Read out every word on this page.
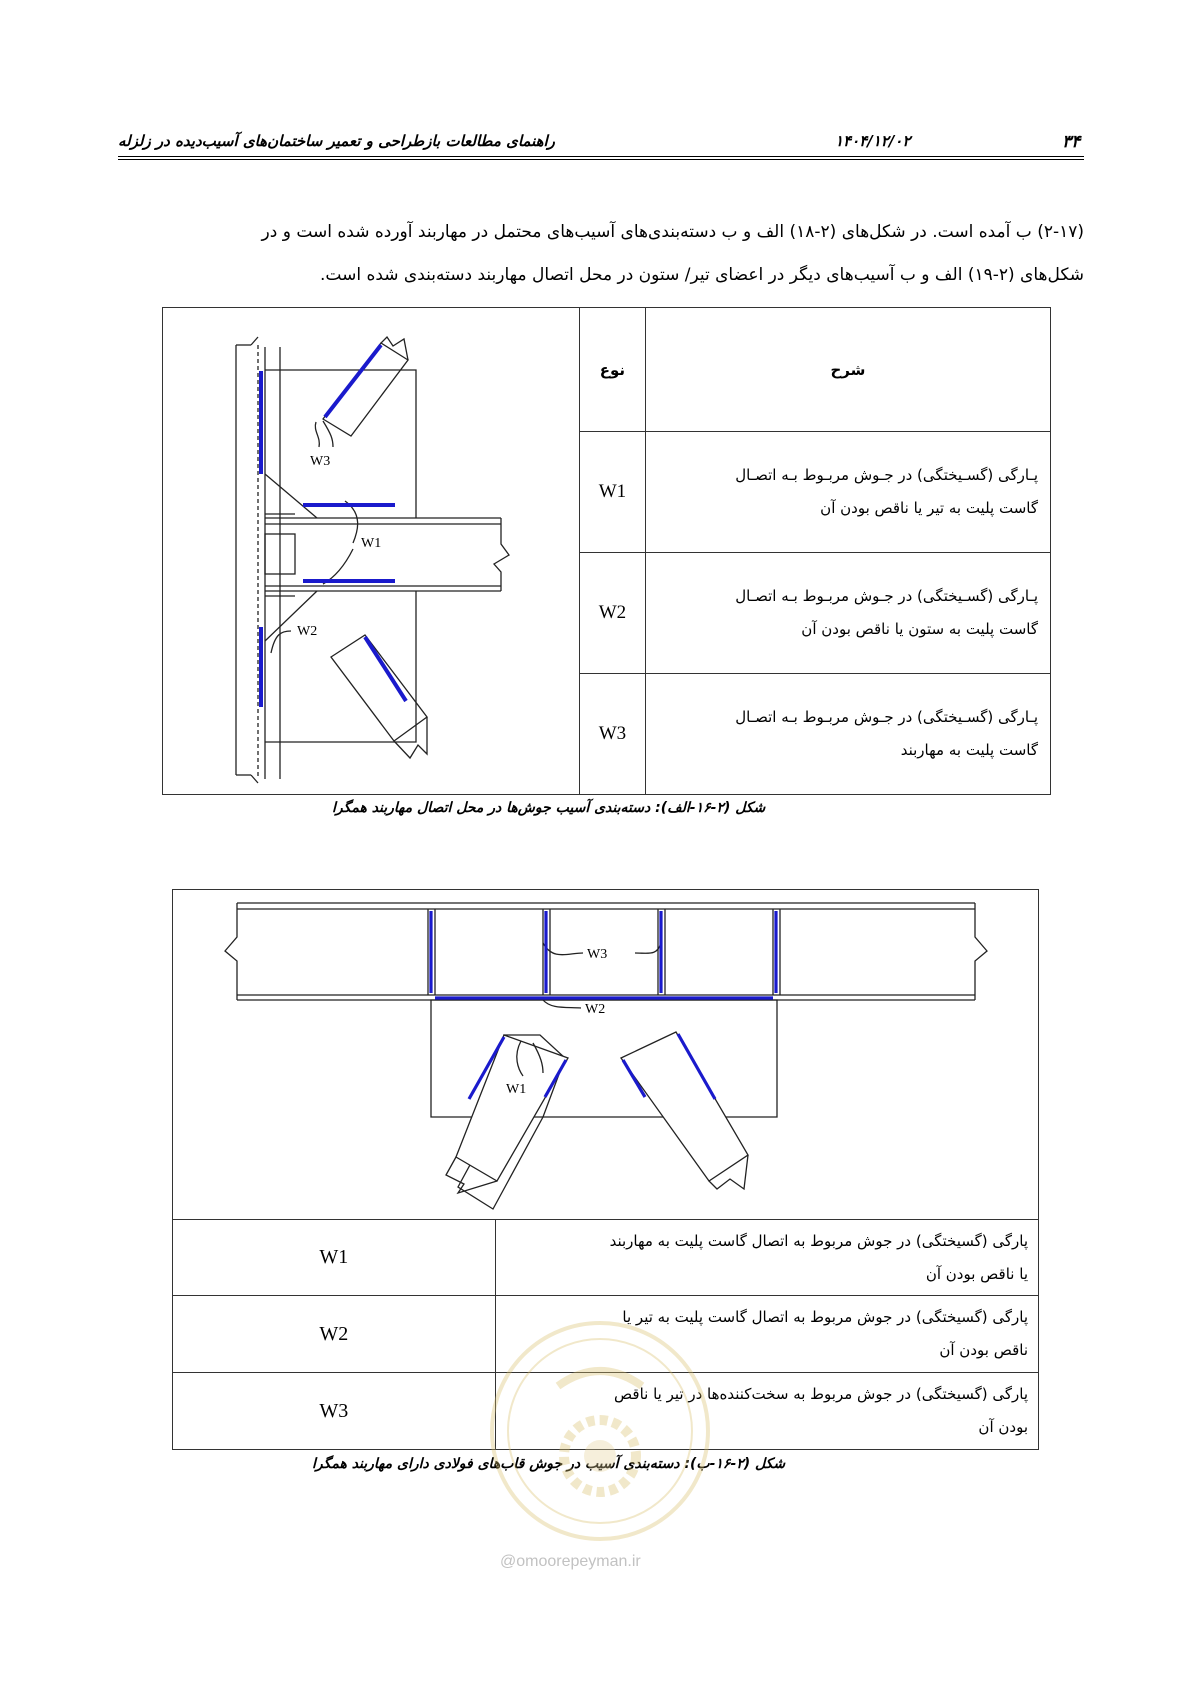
راهنمای مطالعات بازطراحی و تعمیر ساختمان‌های آسیب‌دیده در زلزله	۱۴۰۴/۱۲/۰۲	۳۴

(۲-۱۷) ب آمده است. در شکل‌های (۲-۱۸) الف و ب دسته‌بندی‌های آسیب‌های محتمل در مهاربند آورده شده است و در

شکل‌های (۲-۱۹) الف و ب آسیب‌های دیگر در اعضای تیر/ ستون در محل اتصال مهاربند دسته‌بندی شده است.

W3
W1
W2	نوع	شرح
	W1	پـارگی (گسـیختگی) در جـوش مربـوط بـه اتصـال
گاست پلیت به تیر یا ناقص بودن آن
	W2	پـارگی (گسـیختگی) در جـوش مربـوط بـه اتصـال
گاست پلیت به ستون یا ناقص بودن آن
	W3	پـارگی (گسـیختگی) در جـوش مربـوط بـه اتصـال
گاست پلیت به مهاربند
شکل (۲-۱۶-الف): دسته‌بندی آسیب جوش‌ها در محل اتصال مهاربند همگرا
W3
W2
W1	

W1	پارگی (گسیختگی) در جوش مربوط به اتصال گاست پلیت به مهاربند
یا ناقص بودن آن
W2	پارگی (گسیختگی) در جوش مربوط به اتصال گاست پلیت به تیر یا
ناقص بودن آن
W3	پارگی (گسیختگی) در جوش مربوط به سخت‌کننده‌ها در تیر یا ناقص
بودن آن
شکل (۲-۱۶-ب): دسته‌بندی آسیب در جوش قاب‌های فولادی دارای مهاربند همگرا
@omoorepeyman.ir
